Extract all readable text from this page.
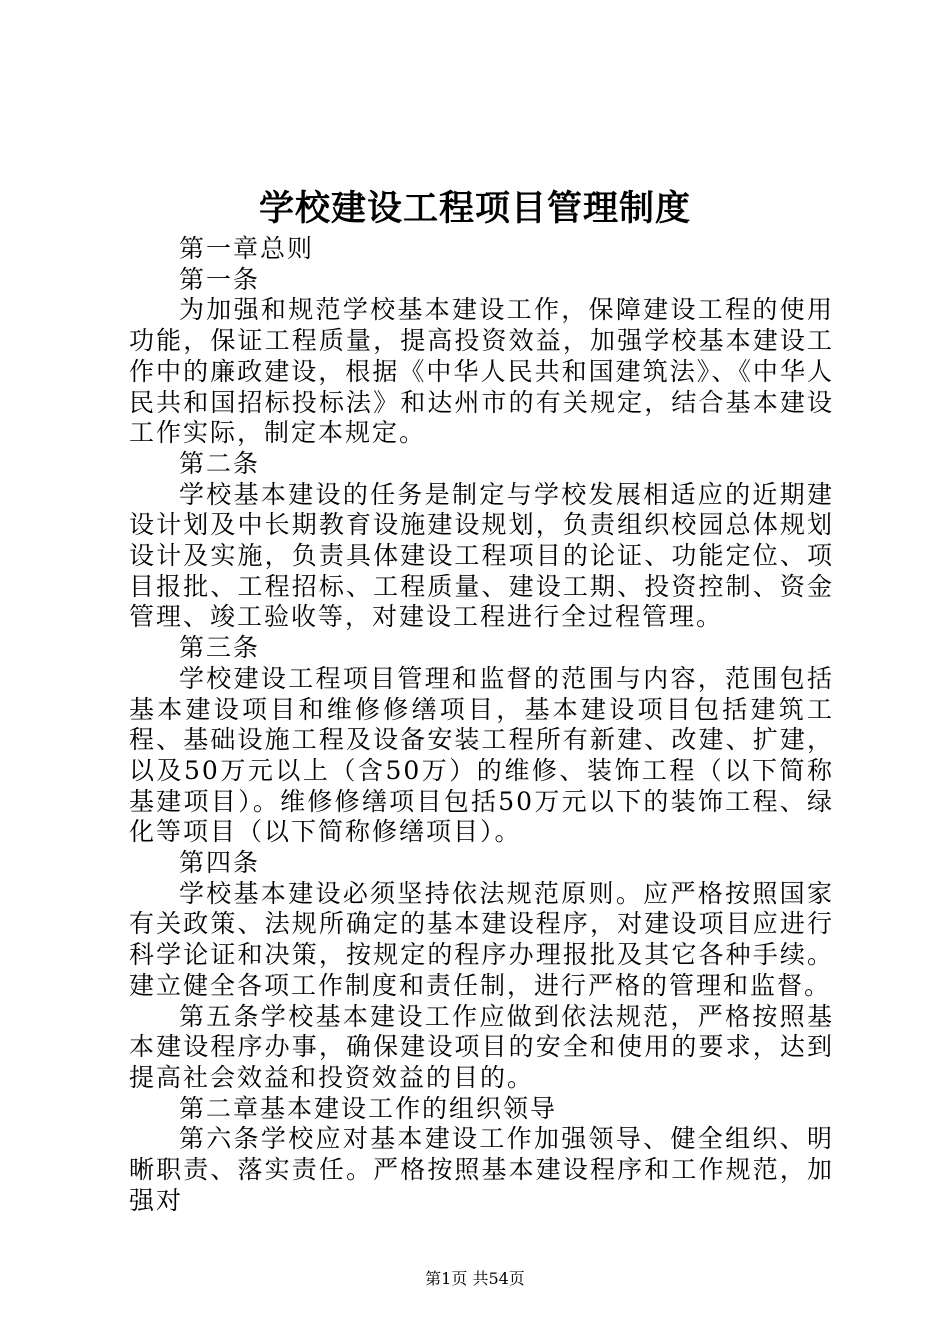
学校建设工程项目管理制度

第一章总则

第一条

为加强和规范学校基本建设工作，保障建设工程的使用功能，保证工程质量，提高投资效益，加强学校基本建设工作中的廉政建设，根据《中华人民共和国建筑法》、《中华人民共和国招标投标法》和达州市的有关规定，结合基本建设工作实际，制定本规定。

第二条

学校基本建设的任务是制定与学校发展相适应的近期建设计划及中长期教育设施建设规划，负责组织校园总体规划设计及实施，负责具体建设工程项目的论证、功能定位、项目报批、工程招标、工程质量、建设工期、投资控制、资金管理、竣工验收等，对建设工程进行全过程管理。

第三条

学校建设工程项目管理和监督的范围与内容，范围包括基本建设项目和维修修缮项目，基本建设项目包括建筑工程、基础设施工程及设备安装工程所有新建、改建、扩建，以及50万元以上（含50万）的维修、装饰工程（以下简称基建项目）。维修修缮项目包括50万元以下的装饰工程、绿化等项目（以下简称修缮项目）。

第四条

学校基本建设必须坚持依法规范原则。应严格按照国家有关政策、法规所确定的基本建设程序，对建设项目应进行科学论证和决策，按规定的程序办理报批及其它各种手续。建立健全各项工作制度和责任制，进行严格的管理和监督。

第五条学校基本建设工作应做到依法规范，严格按照基本建设程序办事，确保建设项目的安全和使用的要求，达到提高社会效益和投资效益的目的。

第二章基本建设工作的组织领导

第六条学校应对基本建设工作加强领导、健全组织、明晰职责、落实责任。严格按照基本建设程序和工作规范，加强对

第1页 共54页
